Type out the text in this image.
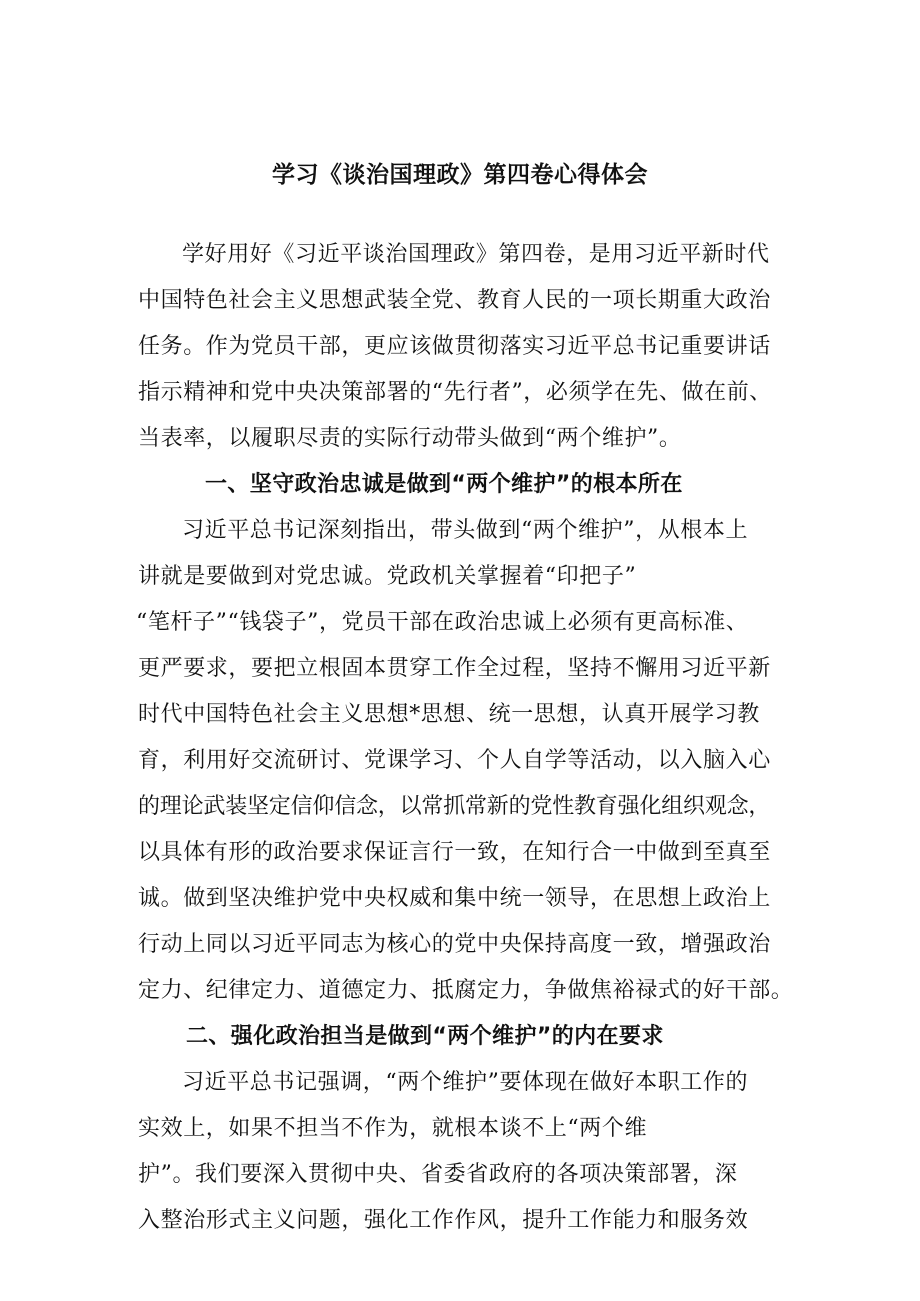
学习《谈治国理政》第四卷心得体会
学好用好《习近平谈治国理政》第四卷，是用习近平新时代
中国特色社会主义思想武装全党、教育人民的一项长期重大政治
任务。作为党员干部，更应该做贯彻落实习近平总书记重要讲话
指示精神和党中央决策部署的“先行者”，必须学在先、做在前、
当表率，以履职尽责的实际行动带头做到“两个维护”。
一、坚守政治忠诚是做到“两个维护”的根本所在
习近平总书记深刻指出，带头做到“两个维护”，从根本上
讲就是要做到对党忠诚。党政机关掌握着“印把子”
“笔杆子”“钱袋子”，党员干部在政治忠诚上必须有更高标准、
更严要求，要把立根固本贯穿工作全过程，坚持不懈用习近平新
时代中国特色社会主义思想*思想、统一思想，认真开展学习教
育，利用好交流研讨、党课学习、个人自学等活动，以入脑入心
的理论武装坚定信仰信念，以常抓常新的党性教育强化组织观念，
以具体有形的政治要求保证言行一致，在知行合一中做到至真至
诚。做到坚决维护党中央权威和集中统一领导，在思想上政治上
行动上同以习近平同志为核心的党中央保持高度一致，增强政治
定力、纪律定力、道德定力、抵腐定力，争做焦裕禄式的好干部。
二、强化政治担当是做到“两个维护”的内在要求
习近平总书记强调，“两个维护”要体现在做好本职工作的
实效上，如果不担当不作为，就根本谈不上“两个维
护”。我们要深入贯彻中央、省委省政府的各项决策部署，深
入整治形式主义问题，强化工作作风，提升工作能力和服务效
